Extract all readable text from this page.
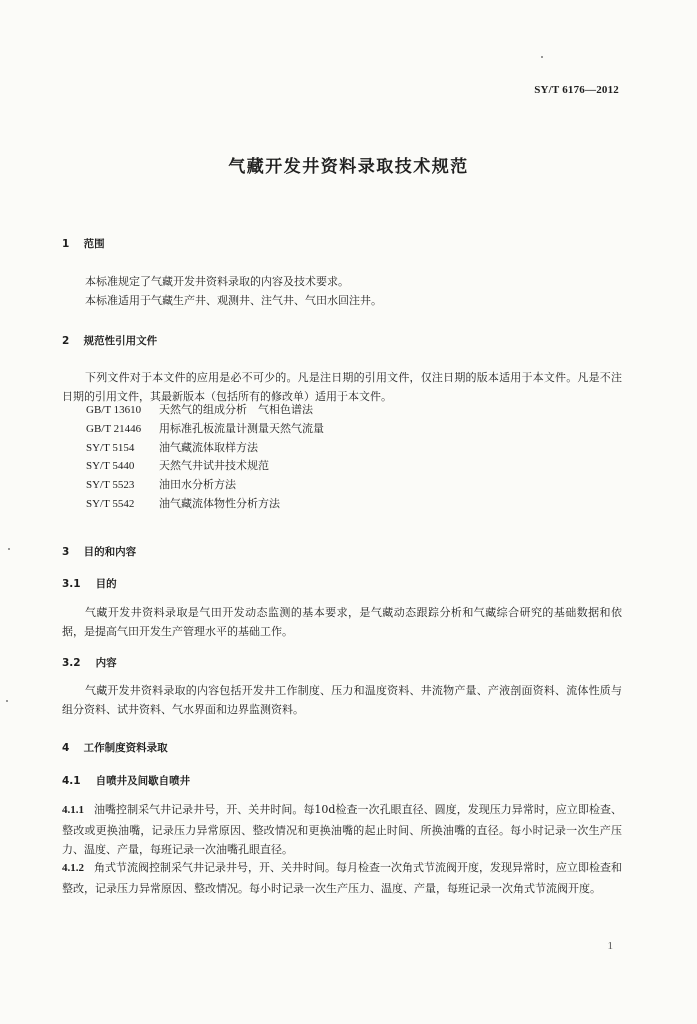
SY/T 6176—2012
气藏开发井资料录取技术规范
1 范围
本标准规定了气藏开发井资料录取的内容及技术要求。
本标准适用于气藏生产井、观测井、注气井、气田水回注井。
2 规范性引用文件
下列文件对于本文件的应用是必不可少的。凡是注日期的引用文件，仅注日期的版本适用于本文件。凡是不注日期的引用文件，其最新版本（包括所有的修改单）适用于本文件。
GB/T 13610 天然气的组成分析　气相色谱法
GB/T 21446 用标准孔板流量计测量天然气流量
SY/T 5154 油气藏流体取样方法
SY/T 5440 天然气井试井技术规范
SY/T 5523 油田水分析方法
SY/T 5542 油气藏流体物性分析方法
3 目的和内容
3.1 目的
气藏开发井资料录取是气田开发动态监测的基本要求，是气藏动态跟踪分析和气藏综合研究的基础数据和依据，是提高气田开发生产管理水平的基础工作。
3.2 内容
气藏开发井资料录取的内容包括开发井工作制度、压力和温度资料、井流物产量、产液剖面资料、流体性质与组分资料、试井资料、气水界面和边界监测资料。
4 工作制度资料录取
4.1 自喷井及间歇自喷井
4.1.1 油嘴控制采气井记录井号，开、关井时间。每10d检查一次孔眼直径、圆度，发现压力异常时，应立即检查、整改或更换油嘴，记录压力异常原因、整改情况和更换油嘴的起止时间、所换油嘴的直径。每小时记录一次生产压力、温度、产量，每班记录一次油嘴孔眼直径。
4.1.2 角式节流阀控制采气井记录井号，开、关井时间。每月检查一次角式节流阀开度，发现异常时，应立即检查和整改，记录压力异常原因、整改情况。每小时记录一次生产压力、温度、产量，每班记录一次角式节流阀开度。
1
